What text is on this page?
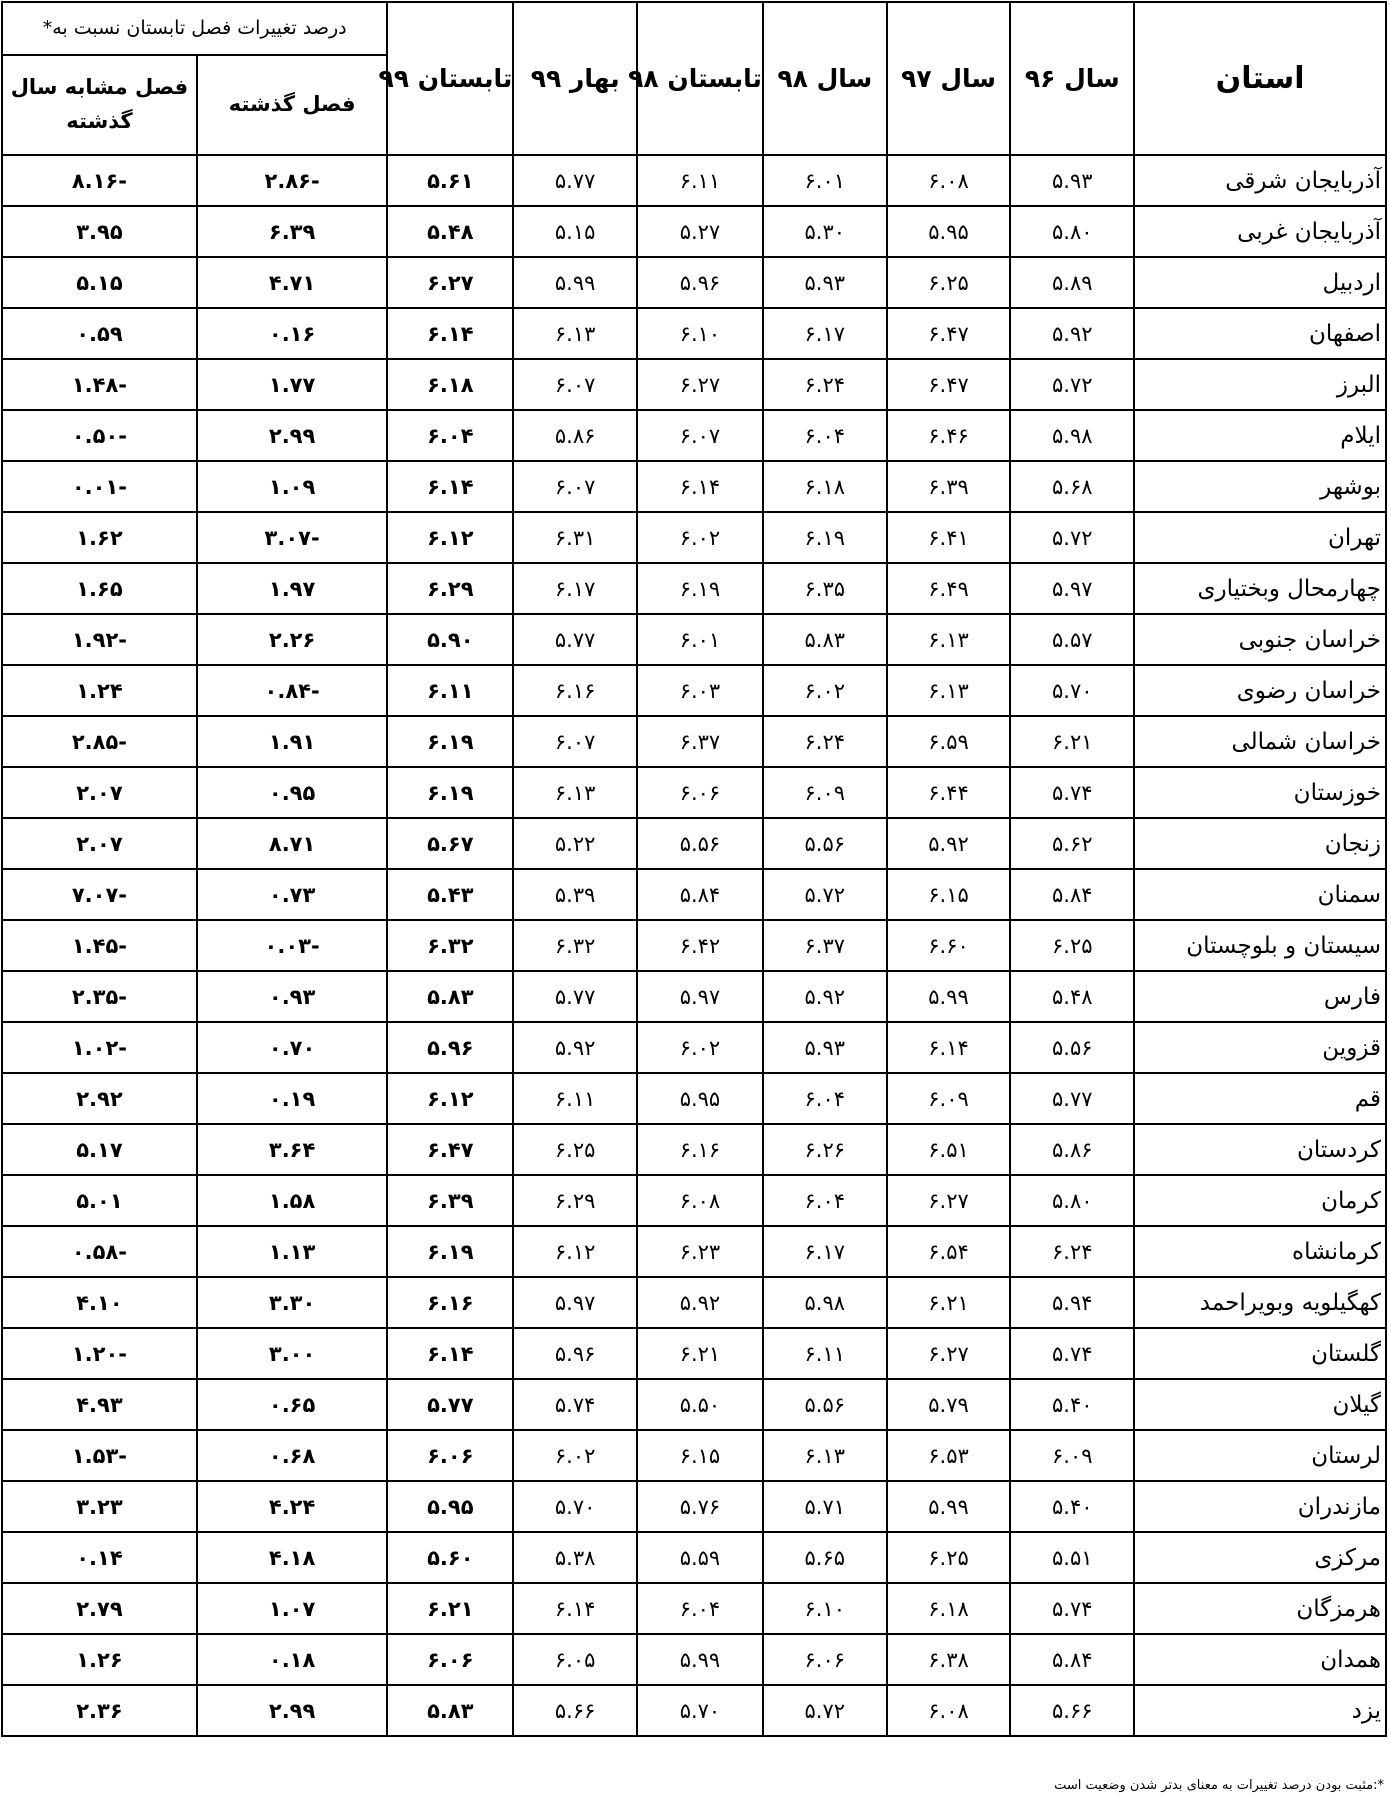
استان	سال ۹۶	سال ۹۷	سال ۹۸	تابستان ۹۸	بهار ۹۹	تابستان ۹۹	درصد تغییرات فصل تابستان نسبت به*	
							فصل گذشته	فصل مشابه سال گذشته
آذربایجان شرقی	۵.۹۳	۶.۰۸	۶.۰۱	۶.۱۱	۵.۷۷	۵.۶۱	-۲.۸۶	-۸.۱۶
آذربایجان غربی	۵.۸۰	۵.۹۵	۵.۳۰	۵.۲۷	۵.۱۵	۵.۴۸	۶.۳۹	۳.۹۵
اردبیل	۵.۸۹	۶.۲۵	۵.۹۳	۵.۹۶	۵.۹۹	۶.۲۷	۴.۷۱	۵.۱۵
اصفهان	۵.۹۲	۶.۴۷	۶.۱۷	۶.۱۰	۶.۱۳	۶.۱۴	۰.۱۶	۰.۵۹
البرز	۵.۷۲	۶.۴۷	۶.۲۴	۶.۲۷	۶.۰۷	۶.۱۸	۱.۷۷	-۱.۴۸
ایلام	۵.۹۸	۶.۴۶	۶.۰۴	۶.۰۷	۵.۸۶	۶.۰۴	۲.۹۹	-۰.۵۰
بوشهر	۵.۶۸	۶.۳۹	۶.۱۸	۶.۱۴	۶.۰۷	۶.۱۴	۱.۰۹	-۰.۰۱
تهران	۵.۷۲	۶.۴۱	۶.۱۹	۶.۰۲	۶.۳۱	۶.۱۲	-۳.۰۷	۱.۶۲
چهارمحال وبختیاری	۵.۹۷	۶.۴۹	۶.۳۵	۶.۱۹	۶.۱۷	۶.۲۹	۱.۹۷	۱.۶۵
خراسان جنوبی	۵.۵۷	۶.۱۳	۵.۸۳	۶.۰۱	۵.۷۷	۵.۹۰	۲.۲۶	-۱.۹۲
خراسان رضوی	۵.۷۰	۶.۱۳	۶.۰۲	۶.۰۳	۶.۱۶	۶.۱۱	-۰.۸۴	۱.۲۴
خراسان شمالی	۶.۲۱	۶.۵۹	۶.۲۴	۶.۳۷	۶.۰۷	۶.۱۹	۱.۹۱	-۲.۸۵
خوزستان	۵.۷۴	۶.۴۴	۶.۰۹	۶.۰۶	۶.۱۳	۶.۱۹	۰.۹۵	۲.۰۷
زنجان	۵.۶۲	۵.۹۲	۵.۵۶	۵.۵۶	۵.۲۲	۵.۶۷	۸.۷۱	۲.۰۷
سمنان	۵.۸۴	۶.۱۵	۵.۷۲	۵.۸۴	۵.۳۹	۵.۴۳	۰.۷۳	-۷.۰۷
سیستان و بلوچستان	۶.۲۵	۶.۶۰	۶.۳۷	۶.۴۲	۶.۳۲	۶.۳۲	-۰.۰۳	-۱.۴۵
فارس	۵.۴۸	۵.۹۹	۵.۹۲	۵.۹۷	۵.۷۷	۵.۸۳	۰.۹۳	-۲.۳۵
قزوین	۵.۵۶	۶.۱۴	۵.۹۳	۶.۰۲	۵.۹۲	۵.۹۶	۰.۷۰	-۱.۰۲
قم	۵.۷۷	۶.۰۹	۶.۰۴	۵.۹۵	۶.۱۱	۶.۱۲	۰.۱۹	۲.۹۲
کردستان	۵.۸۶	۶.۵۱	۶.۲۶	۶.۱۶	۶.۲۵	۶.۴۷	۳.۶۴	۵.۱۷
کرمان	۵.۸۰	۶.۲۷	۶.۰۴	۶.۰۸	۶.۲۹	۶.۳۹	۱.۵۸	۵.۰۱
کرمانشاه	۶.۲۴	۶.۵۴	۶.۱۷	۶.۲۳	۶.۱۲	۶.۱۹	۱.۱۳	-۰.۵۸
کهگیلویه وبویراحمد	۵.۹۴	۶.۲۱	۵.۹۸	۵.۹۲	۵.۹۷	۶.۱۶	۳.۳۰	۴.۱۰
گلستان	۵.۷۴	۶.۲۷	۶.۱۱	۶.۲۱	۵.۹۶	۶.۱۴	۳.۰۰	-۱.۲۰
گیلان	۵.۴۰	۵.۷۹	۵.۵۶	۵.۵۰	۵.۷۴	۵.۷۷	۰.۶۵	۴.۹۳
لرستان	۶.۰۹	۶.۵۳	۶.۱۳	۶.۱۵	۶.۰۲	۶.۰۶	۰.۶۸	-۱.۵۳
مازندران	۵.۴۰	۵.۹۹	۵.۷۱	۵.۷۶	۵.۷۰	۵.۹۵	۴.۲۴	۳.۲۳
مرکزی	۵.۵۱	۶.۲۵	۵.۶۵	۵.۵۹	۵.۳۸	۵.۶۰	۴.۱۸	۰.۱۴
هرمزگان	۵.۷۴	۶.۱۸	۶.۱۰	۶.۰۴	۶.۱۴	۶.۲۱	۱.۰۷	۲.۷۹
همدان	۵.۸۴	۶.۳۸	۶.۰۶	۵.۹۹	۶.۰۵	۶.۰۶	۰.۱۸	۱.۲۶
یزد	۵.۶۶	۶.۰۸	۵.۷۲	۵.۷۰	۵.۶۶	۵.۸۳	۲.۹۹	۲.۳۶
*:مثبت بودن درصد تغییرات به معنای بدتر شدن وضعیت است
